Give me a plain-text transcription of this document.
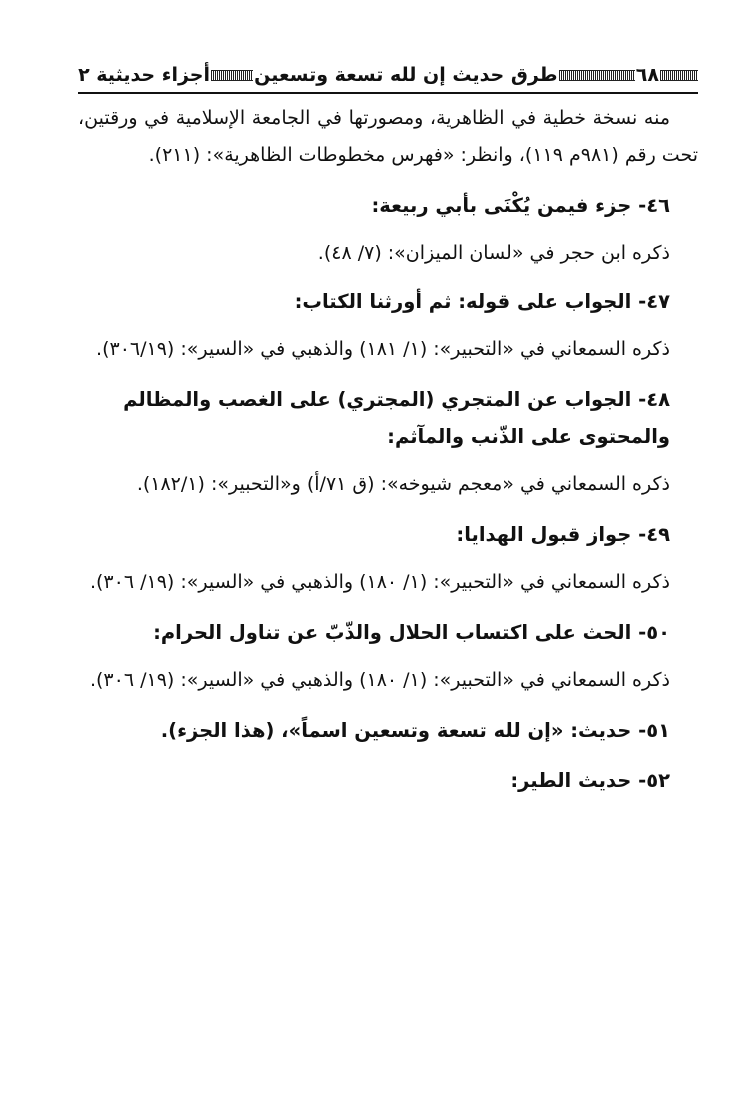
٦٨
طرق حديث إن لله تسعة وتسعين
أجزاء حديثية ٢

منه نسخة خطية في الظاهرية، ومصورتها في الجامعة الإسلامية في ورقتين، تحت رقم (٩٨١م ١١٩)، وانظر: «فهرس مخطوطات الظاهرية»: (٢١١).

٤٦- جزء فيمن يُكْنَى بأبي ربيعة:

ذكره ابن حجر في «لسان الميزان»: (٧/ ٤٨).

٤٧- الجواب على قوله: ثم أورثنا الكتاب:

ذكره السمعاني في «التحبير»: (١/ ١٨١) والذهبي في «السير»: (٣٠٦/١٩).

٤٨- الجواب عن المتجري (المجتري) على الغصب والمظالم والمحتوى على الذّنب والمآثم:

ذكره السمعاني في «معجم شيوخه»: (ق ٧١/أ) و«التحبير»: (١٨٢/١).

٤٩- جواز قبول الهدايا:

ذكره السمعاني في «التحبير»: (١/ ١٨٠) والذهبي في «السير»: (١٩/ ٣٠٦).

٥٠- الحث على اكتساب الحلال والذّبّ عن تناول الحرام:

ذكره السمعاني في «التحبير»: (١/ ١٨٠) والذهبي في «السير»: (١٩/ ٣٠٦).

٥١- حديث: «إن لله تسعة وتسعين اسماً»، (هذا الجزء).

٥٢- حديث الطير:
